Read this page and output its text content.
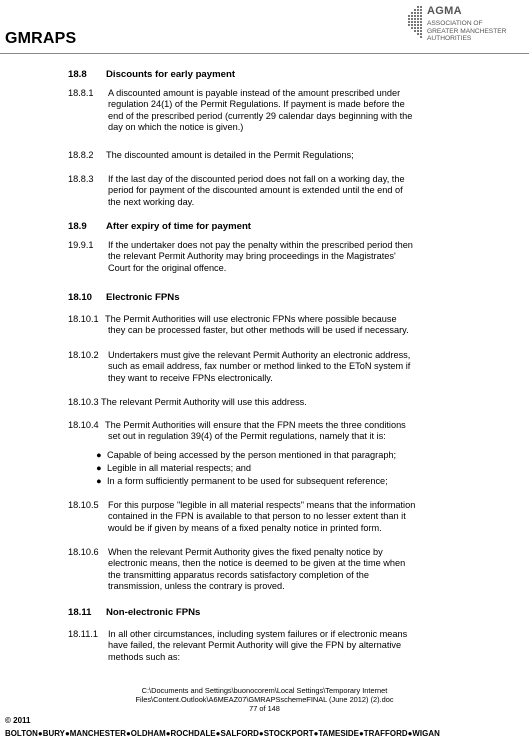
GMRAPS
AGMA
ASSOCIATION OF
GREATER MANCHESTER
AUTHORITIES
18.8 Discounts for early payment
18.8.1 A discounted amount is payable instead of the amount prescribed under
regulation 24(1) of the Permit Regulations. If payment is made before the
end of the prescribed period (currently 29 calendar days beginning with the
day on which the notice is given.)
18.8.2 The discounted amount is detailed in the Permit Regulations;
18.8.3 If the last day of the discounted period does not fall on a working day, the
period for payment of the discounted amount is extended until the end of
the next working day.
18.9 After expiry of time for payment
19.9.1 If the undertaker does not pay the penalty within the prescribed period then
the relevant Permit Authority may bring proceedings in the Magistrates'
Court for the original offence.
18.10 Electronic FPNs
18.10.1 The Permit Authorities will use electronic FPNs where possible because
they can be processed faster, but other methods will be used if necessary.
18.10.2 Undertakers must give the relevant Permit Authority an electronic address,
such as email address, fax number or method linked to the EToN system if
they want to receive FPNs electronically.
18.10.3 The relevant Permit Authority will use this address.
18.10.4 The Permit Authorities will ensure that the FPN meets the three conditions
set out in regulation 39(4) of the Permit regulations, namely that it is:
● Capable of being accessed by the person mentioned in that paragraph;
● Legible in all material respects; and
● In a form sufficiently permanent to be used for subsequent reference;
18.10.5 For this purpose "legible in all material respects" means that the information
contained in the FPN is available to that person to no lesser extent than it
would be if given by means of a fixed penalty notice in printed form.
18.10.6 When the relevant Permit Authority gives the fixed penalty notice by
electronic means, then the notice is deemed to be given at the time when
the transmitting apparatus records satisfactory completion of the
transmission, unless the contrary is proved.
18.11 Non-electronic FPNs
18.11.1 In all other circumstances, including system failures or if electronic means
have failed, the relevant Permit Authority will give the FPN by alternative
methods such as:
C:\Documents and Settings\buonocorem\Local Settings\Temporary Internet
Files\Content.Outlook\A6MEAZ07\GMRAPSschemeFINAL (June 2012) (2).doc
77 of 148
© 2011
BOLTON●BURY●MANCHESTER●OLDHAM●ROCHDALE●SALFORD●STOCKPORT●TAMESIDE●TRAFFORD●WIGAN
